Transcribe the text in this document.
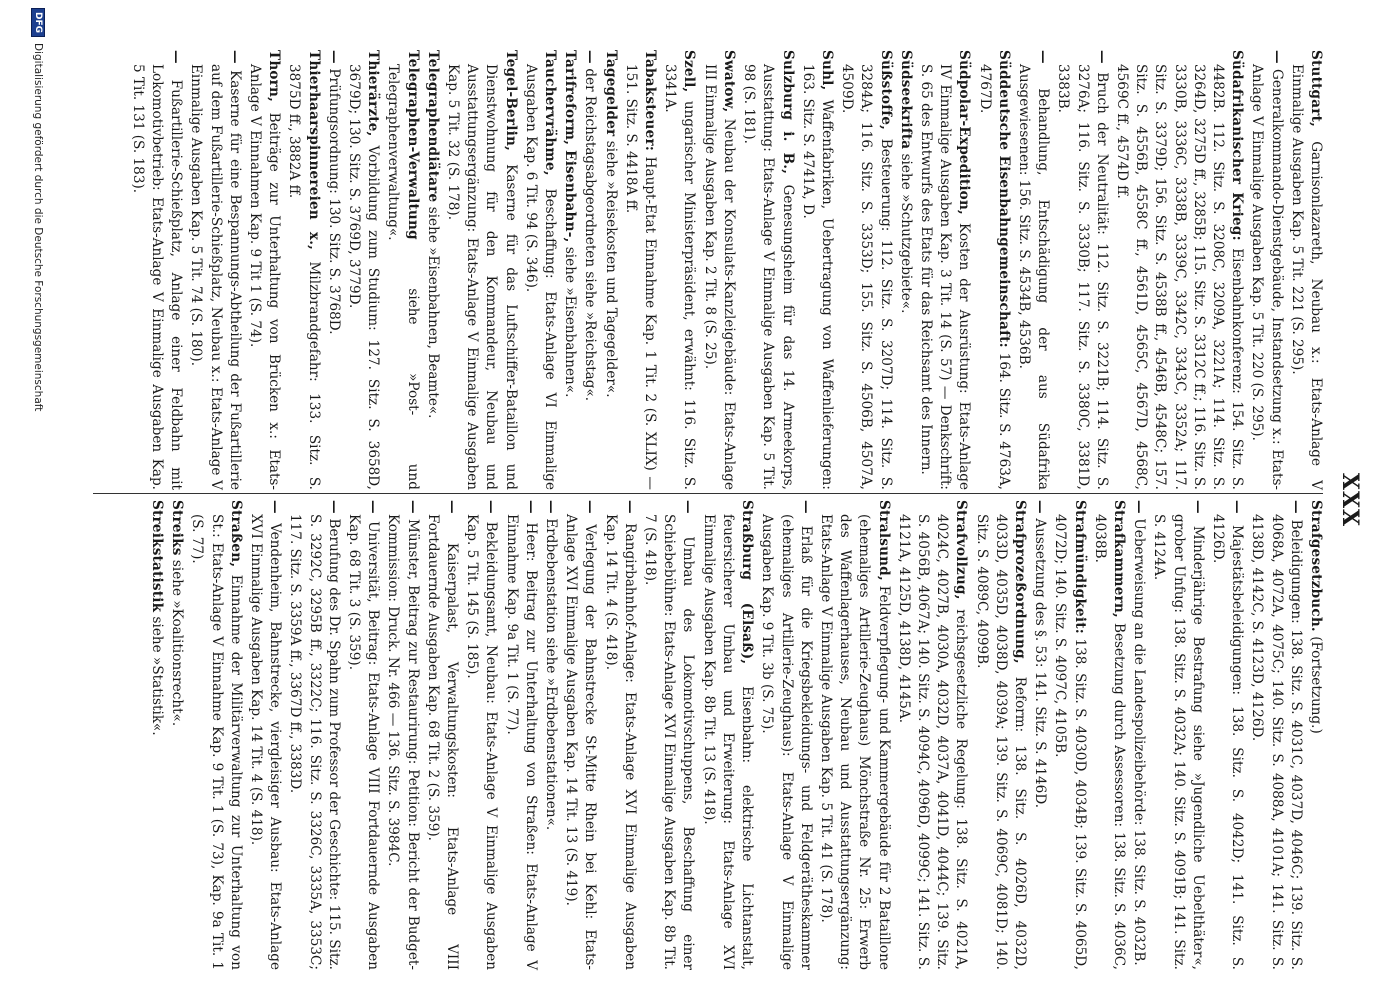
XXX
Strafgesetzbuch. (Fortsetzung.)
— Beleidigungen: 138. Sitz. S. 4031C, 4037D, 4046C; 139. Sitz. S. 4068A, 4072A, 4075C; 140. Sitz. S. 4088A, 4101A; 141. Sitz. S. 4138D, 4142C, S. 4123D, 4126D.
— Majestätsbeleidigungen: 138. Sitz. S. 4042D; 141. Sitz. S. 4126D.
— Minderjährige Bestrafung siehe »Jugendliche Uebelthäter«, grober Unfug: 138. Sitz. S. 4032A; 140. Sitz. S. 4091B; 141. Sitz. S. 4124A.
— Ueberweisung an die Landespolizeibehörde: 138. Sitz. S. 4032B.
Strafkammern, Besetzung durch Assessoren: 138. Sitz. S. 4036C, 4038B.
Strafmündigkeit: 138. Sitz. S. 4030D, 4034B; 139. Sitz. S. 4065D, 4072D; 140. Sitz. S. 4097C, 4105B.
— Aussetzung des §. 53: 141. Sitz. S. 4146D.
Strafprozeßordnung, Reform: 138. Sitz. S. 4026D, 4032D, 4033D, 4035D, 4038D, 4039A; 139. Sitz. S. 4069C, 4081D; 140. Sitz. S. 4089C, 4099B.
Strafvollzug, reichsgesetzliche Regelung: 138. Sitz. S. 4021A, 4024C, 4027B, 4030A, 4032D, 4037A, 4041D, 4044C; 139. Sitz. S. 4056B, 4067A; 140. Sitz. S. 4094C, 4096D, 4099C; 141. Sitz. S. 4121A, 4125D, 4138D, 4145A.
Stralsund, Feldverpflegung- und Kammergebäude für 2 Bataillone (ehemaliges Artillerie-Zeughaus) Mönchstraße Nr. 25: Erwerb des Waffenlagerhauses, Neubau und Ausstattungsergänzung: Etats-Anlage V Einmalige Ausgaben Kap. 5 Tit. 41 (S. 178).
— Erlaß für die Kriegsbekleidungs- und Feldgerätheskammer (ehemaliges Artillerie-Zeughaus): Etats-Anlage V Einmalige Ausgaben Kap. 9 Tit. 3b (S. 75).
Straßburg (Elsaß), Eisenbahn: elektrische Lichtanstalt, feuersicherer Umbau und Erweiterung: Etats-Anlage XVI Einmalige Ausgaben Kap. 8b Tit. 13 (S. 418).
— Umbau des Lokomotivschuppens, Beschaffung einer Schiebebühne: Etats-Anlage XVI Einmalige Ausgaben Kap. 8b Tit. 7 (S. 418).
— Rangirbahnhof-Anlage: Etats-Anlage XVI Einmalige Ausgaben Kap. 14 Tit. 4 (S. 418).
— Verlegung der Bahnstrecke St-Mitte Rhein bei Kehl: Etats-Anlage XVI Einmalige Ausgaben Kap. 14 Tit. 13 (S. 419).
— Erdbebenstation siehe »Erdbebenstationen«.
— Heer: Beitrag zur Unterhaltung von Straßen: Etats-Anlage V Einnahme Kap. 9a Tit. 1 (S. 77).
— Bekleidungsamt, Neubau: Etats-Anlage V Einmalige Ausgaben Kap. 5 Tit. 145 (S. 185).
— Kaiserpalast, Verwaltungskosten: Etats-Anlage VIII Fortdauernde Ausgaben Kap. 68 Tit. 2 (S. 359).
— Münster, Beitrag zur Restaurirung: Petition: Bericht der Budget-Kommission: Druck. Nr. 466 — 136. Sitz. S. 3984C.
— Universität, Beitrag: Etats-Anlage VIII Fortdauernde Ausgaben Kap. 68 Tit. 3 (S. 359).
— Berufung des Dr. Spahn zum Professor der Geschichte: 115. Sitz. S. 3292C, 3295B ff., 3322C; 116. Sitz. S. 3326C, 3335A, 3353C; 117. Sitz. S. 3359A ff., 3367D ff., 3383D.
— Vendenheim, Bahnstrecke, viergleisiger Ausbau: Etats-Anlage XVI Einmalige Ausgaben Kap. 14 Tit. 4 (S. 418).
Straßen, Einnahme der Militärverwaltung zur Unterhaltung von St.: Etats-Anlage V Einnahme Kap. 9 Tit. 1 (S. 73), Kap. 9a Tit. 1 (S. 77).
Streiks siehe »Koalitionsrecht«.
Streikstatistik siehe »Statistik«.
Stuttgart, Garnisonlazareth, Neubau x.: Etats-Anlage V Einmalige Ausgaben Kap. 5 Tit. 221 (S. 295).
— Generalkommando-Dienstgebäude, Instandsetzung x.: Etats-Anlage V Einmalige Ausgaben Kap. 5 Tit. 220 (S. 295).
Südafrikanischer Krieg: Eisenbahnkonferenz: 154. Sitz. S. 4482B. 112. Sitz. S. 3208C, 3209A, 3221A; 114. Sitz. S. 3264D, 3275D ff., 3285B; 115. Sitz. S. 3312C ff.; 116. Sitz. S. 3330B, 3336C, 3338B, 3339C, 3342C, 3343C, 3352A; 117. Sitz. S. 3379D; 156. Sitz. S. 4538B ff., 4546B, 4548C; 157. Sitz. S. 4556B, 4558C ff., 4561D, 4565C, 4567D, 4568C, 4569C ff., 4574D ff.
— Bruch der Neutralität: 112. Sitz. S. 3221B; 114. Sitz. S. 3276A; 116. Sitz. S. 3330B; 117. Sitz. S. 3380C, 3381D, 3383B.
— Behandlung, Entschädigung der aus Südafrika Ausgewiesenen: 156. Sitz. S. 4534B, 4536B.
Süddeutsche Eisenbahngemeinschaft: 164. Sitz. S. 4763A, 4767D.
Südpolar-Expedition, Kosten der Ausrüstung: Etats-Anlage IV Einmalige Ausgaben Kap. 3 Tit. 14 (S. 57) — Denkschrift: S. 65 des Entwurfs des Etats für das Reichsamt des Innern.
Südseekrifta siehe »Schutzgebiete«.
Süßstoffe, Besteuerung: 112. Sitz. S. 3207D; 114. Sitz. S. 3284A; 116. Sitz. S. 3353D; 155. Sitz. S. 4506B, 4507A, 4509D.
Suhl, Waffenfabriken, Uebertragung von Waffenlieferungen: 163. Sitz. S. 4741A, D.
Sulzburg i. B., Genesungsheim für das 14. Armeekorps, Ausstattung: Etats-Anlage V Einmalige Ausgaben Kap. 5 Tit. 98 (S. 181).
Swatow, Neubau der Konsulats-Kanzleigebäude: Etats-Anlage III Einmalige Ausgaben Kap. 2 Tit. 8 (S. 25).
Szell, ungarischer Ministerpräsident, erwähnt: 116. Sitz. S. 3341A.
Tabaksteuer: Haupt-Etat Einnahme Kap. 1 Tit. 2 (S. XLIX) — 151. Sitz. S. 4418A ff.
Tagegelder siehe »Reisekosten und Tagegelder«.
— der Reichstagsabgeordneten siehe »Reichstag«.
Tarifreform, Eisenbahn-, siehe »Eisenbahnen«.
Tauchervrähme, Beschaffung: Etats-Anlage VI Einmalige Ausgaben Kap. 6 Tit. 94 (S. 346).
Tegel-Berlin, Kaserne für das Luftschiffer-Bataillon und Dienstwohnung für den Kommandeur, Neubau und Ausstattungsergänzung: Etats-Anlage V Einmalige Ausgaben Kap. 5 Tit. 32 (S. 178).
Telegraphendiätare siehe »Eisenbahnen, Beamte«.
Telegraphen-Verwaltung siehe »Post- und Telegraphenverwaltung«.
Thierärzte, Vorbildung zum Studium: 127. Sitz. S. 3658D, 3679D; 130. Sitz. S. 3769D, 3779D.
— Prüfungsordnung: 130. Sitz. S. 3768D.
Thierhaarspinnereien x., Milzbrandgefahr: 133. Sitz. S. 3875D ff., 3882A ff.
Thorn, Beiträge zur Unterhaltung von Brücken x.: Etats-Anlage V Einnahmen Kap. 9 Tit 1 (S. 74).
— Kaserne für eine Bespannungs-Abtheilung der Fußartillerie auf dem Fußartillerie-Schießplatz, Neubau x.: Etats-Anlage V Einmalige Ausgaben Kap. 5 Tit. 74 (S. 180).
— Fußartillerie-Schießplatz, Anlage einer Feldbahn mit Lokomotivbetrieb: Etats-Anlage V Einmalige Ausgaben Kap. 5 Tit. 131 (S. 183).
DFG
Digitalisierung gefördert durch die Deutsche Forschungsgemeinschaft
